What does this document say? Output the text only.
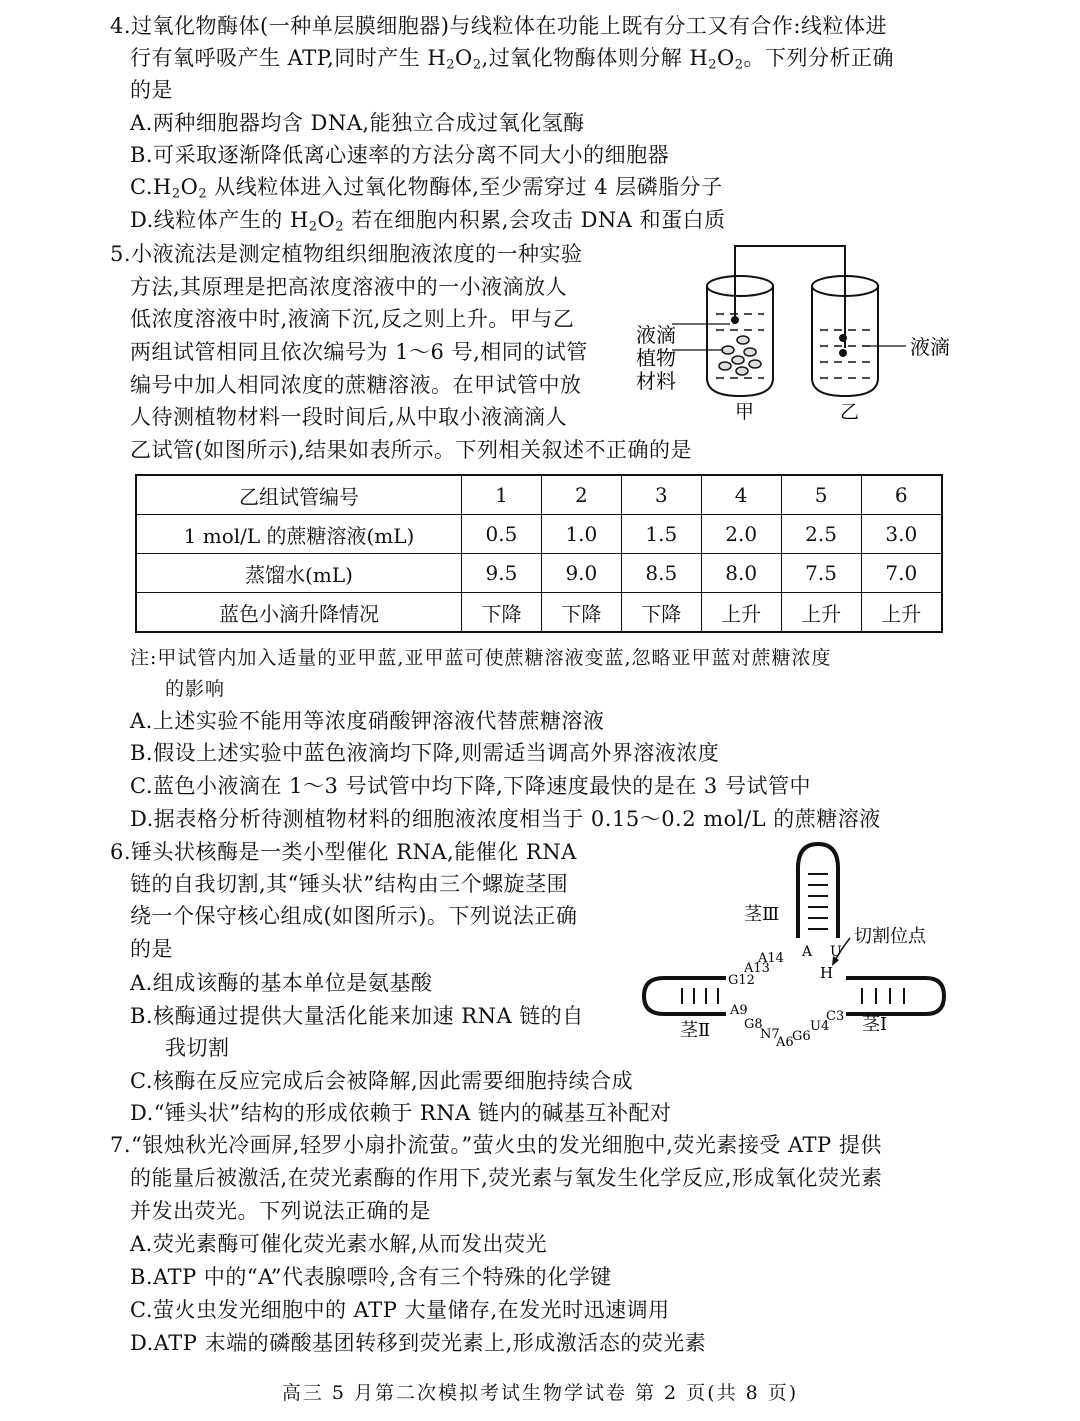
4.过氧化物酶体(一种单层膜细胞器)与线粒体在功能上既有分工又有合作:线粒体进
行有氧呼吸产生 ATP,同时产生 $H_2O_2$,过氧化物酶体则分解 $H_2O_2$。下列分析正确
的是
A.两种细胞器均含 DNA,能独立合成过氧化氢酶
B.可采取逐渐降低离心速率的方法分离不同大小的细胞器
$C.H_2O_2$ 从线粒体进入过氧化物酶体,至少需穿过 4 层磷脂分子
D.线粒体产生的 $H_2O_2$ 若在细胞内积累,会攻击 DNA 和蛋白质
5.小液流法是测定植物组织细胞液浓度的一种实验
方法,其原理是把高浓度溶液中的一小液滴放人
低浓度溶液中时,液滴下沉,反之则上升。甲与乙
两组试管相同且依次编号为 1～6 号,相同的试管
编号中加人相同浓度的蔗糖溶液。在甲试管中放
人待测植物材料一段时间后,从中取小液滴滴人
乙试管(如图所示),结果如表所示。下列相关叙述不正确的是
液滴
植物
材料
液滴
甲	乙
乙组试管编号	1	2	3	4	5	6
1 mol/L 的蔗糖溶液(mL)	0.5	1.0	1.5	2.0	2.5	3.0
蒸馏水(mL)	9.5	9.0	8.5	8.0	7.5	7.0
蓝色小滴升降情况	下降	下降	下降	上升	上升	上升
注:甲试管内加入适量的亚甲蓝,亚甲蓝可使蔗糖溶液变蓝,忽略亚甲蓝对蔗糖浓度
的影响
A.上述实验不能用等浓度硝酸钾溶液代替蔗糖溶液
B.假设上述实验中蓝色液滴均下降,则需适当调高外界溶液浓度
C.蓝色小液滴在 1～3 号试管中均下降,下降速度最快的是在 3 号试管中
D.据表格分析待测植物材料的细胞液浓度相当于 0.15～0.2 mol/L 的蔗糖溶液
6.锤头状核酶是一类小型催化 RNA,能催化 RNA
链的自我切割,其“锤头状”结构由三个螺旋茎围
绕一个保守核心组成(如图所示)。下列说法正确
的是
A.组成该酶的基本单位是氨基酸
B.核酶通过提供大量活化能来加速 RNA 链的自
我切割
C.核酶在反应完成后会被降解,因此需要细胞持续合成
D.“锤头状”结构的形成依赖于 RNA 链内的碱基互补配对
切割位点
茎Ⅲ
茎Ⅱ	茎Ⅰ
A U
H
G12
A13
A14
A9
G8
N7
A6
G6
U4
C3
7.“银烛秋光冷画屏,轻罗小扇扑流萤。”萤火虫的发光细胞中,荧光素接受 ATP 提供
的能量后被激活,在荧光素酶的作用下,荧光素与氧发生化学反应,形成氧化荧光素
并发出荧光。下列说法正确的是
A.荧光素酶可催化荧光素水解,从而发出荧光
B.ATP 中的“A”代表腺嘌呤,含有三个特殊的化学键
C.萤火虫发光细胞中的 ATP 大量储存,在发光时迅速调用
D.ATP 末端的磷酸基团转移到荧光素上,形成激活态的荧光素
高三 5 月第二次模拟考试生物学试卷 第 2 页(共 8 页)
